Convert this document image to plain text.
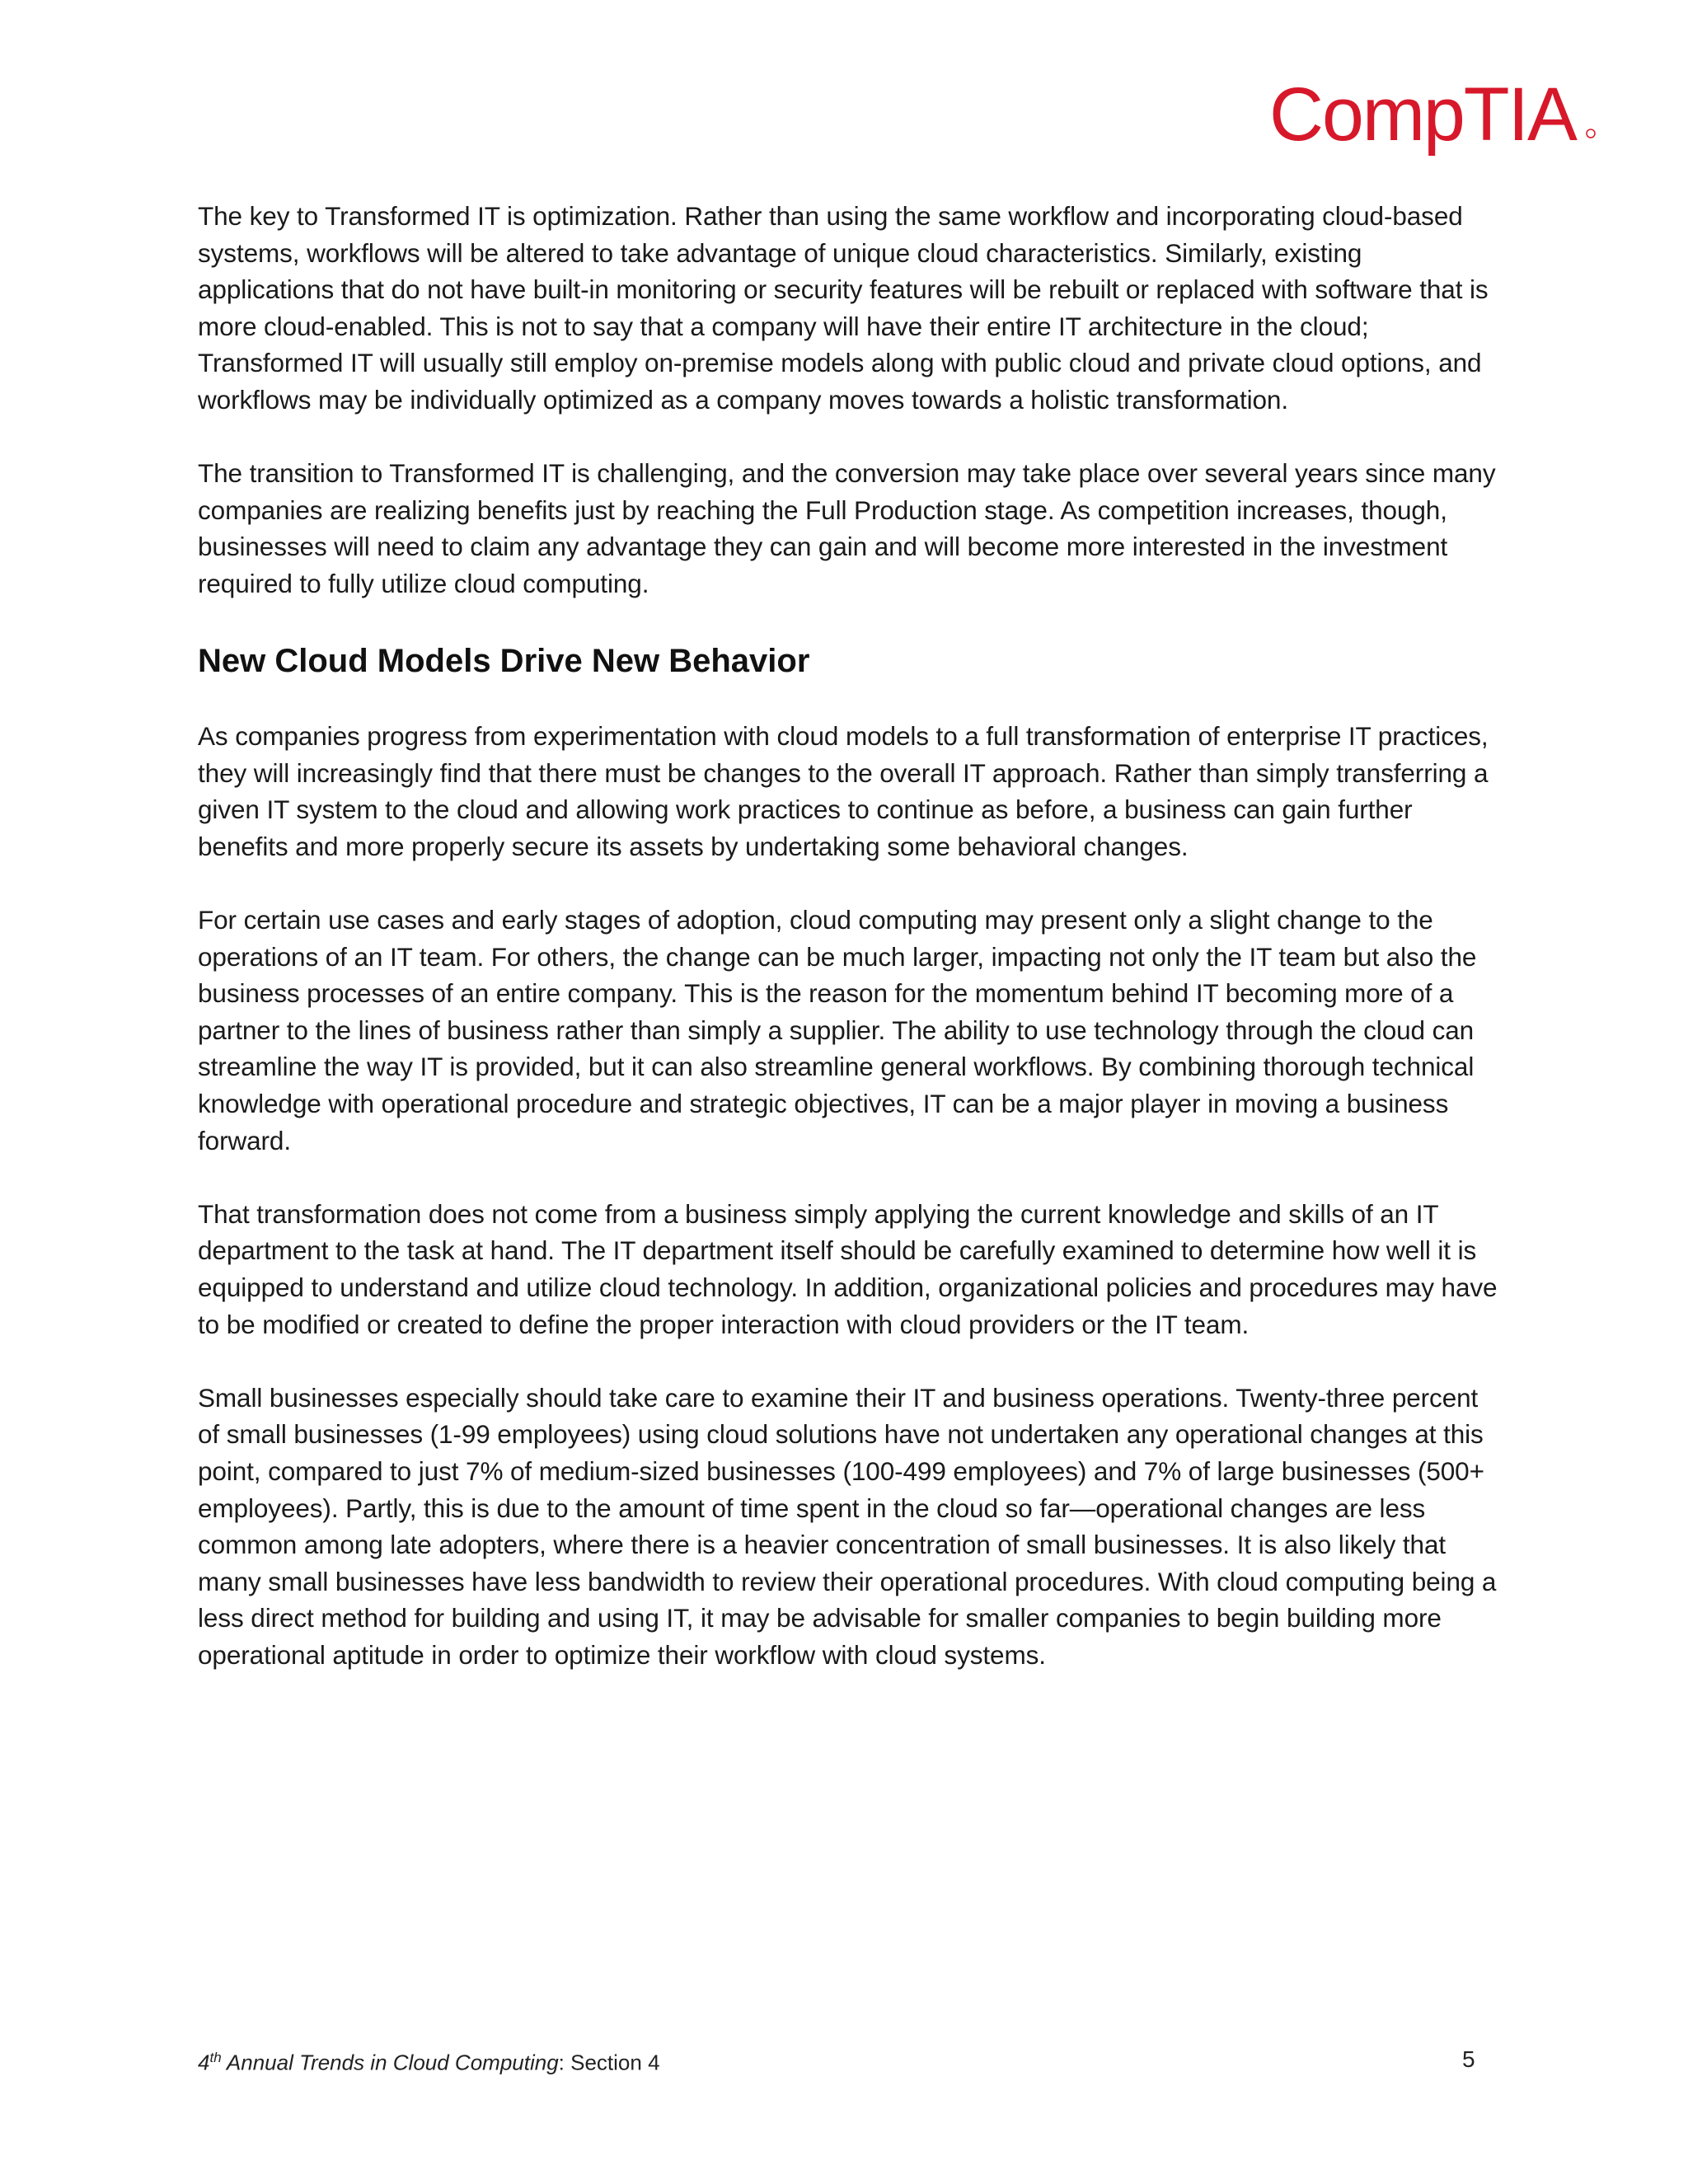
CompTIA

The key to Transformed IT is optimization. Rather than using the same workflow and incorporating cloud-based systems, workflows will be altered to take advantage of unique cloud characteristics. Similarly, existing applications that do not have built-in monitoring or security features will be rebuilt or replaced with software that is more cloud-enabled. This is not to say that a company will have their entire IT architecture in the cloud; Transformed IT will usually still employ on-premise models along with public cloud and private cloud options, and workflows may be individually optimized as a company moves towards a holistic transformation.

The transition to Transformed IT is challenging, and the conversion may take place over several years since many companies are realizing benefits just by reaching the Full Production stage. As competition increases, though, businesses will need to claim any advantage they can gain and will become more interested in the investment required to fully utilize cloud computing.

New Cloud Models Drive New Behavior

As companies progress from experimentation with cloud models to a full transformation of enterprise IT practices, they will increasingly find that there must be changes to the overall IT approach. Rather than simply transferring a given IT system to the cloud and allowing work practices to continue as before, a business can gain further benefits and more properly secure its assets by undertaking some behavioral changes.

For certain use cases and early stages of adoption, cloud computing may present only a slight change to the operations of an IT team. For others, the change can be much larger, impacting not only the IT team but also the business processes of an entire company. This is the reason for the momentum behind IT becoming more of a partner to the lines of business rather than simply a supplier. The ability to use technology through the cloud can streamline the way IT is provided, but it can also streamline general workflows. By combining thorough technical knowledge with operational procedure and strategic objectives, IT can be a major player in moving a business forward.

That transformation does not come from a business simply applying the current knowledge and skills of an IT department to the task at hand. The IT department itself should be carefully examined to determine how well it is equipped to understand and utilize cloud technology. In addition, organizational policies and procedures may have to be modified or created to define the proper interaction with cloud providers or the IT team.

Small businesses especially should take care to examine their IT and business operations. Twenty-three percent of small businesses (1-99 employees) using cloud solutions have not undertaken any operational changes at this point, compared to just 7% of medium-sized businesses (100-499 employees) and 7% of large businesses (500+ employees). Partly, this is due to the amount of time spent in the cloud so far—operational changes are less common among late adopters, where there is a heavier concentration of small businesses. It is also likely that many small businesses have less bandwidth to review their operational procedures. With cloud computing being a less direct method for building and using IT, it may be advisable for smaller companies to begin building more operational aptitude in order to optimize their workflow with cloud systems.

4th Annual Trends in Cloud Computing: Section 4	5
